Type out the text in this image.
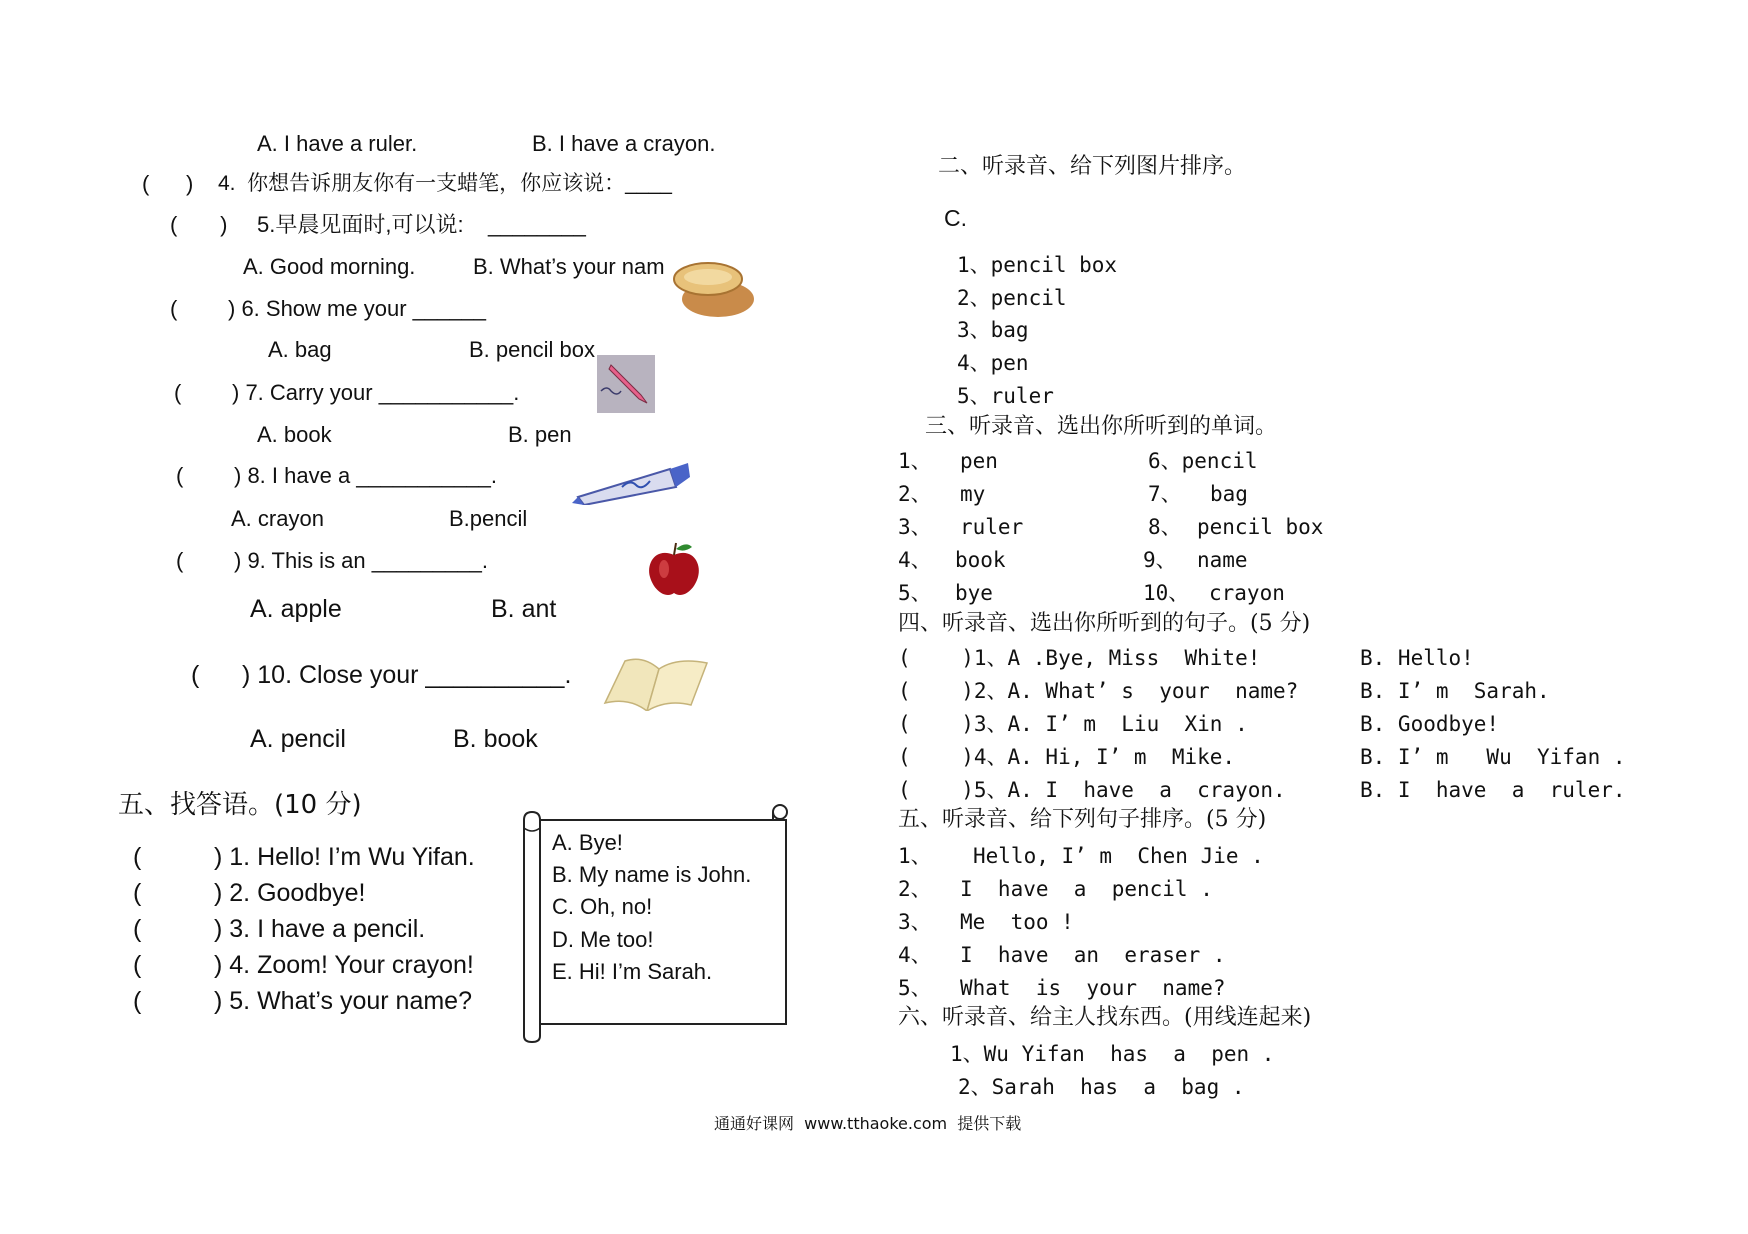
A. I have a ruler.	B. I have a crayon.
(      ) 4.  你想告诉朋友你有一支蜡笔，你应该说：____
(       ) 5.早晨见面时,可以说:    ________
A. Good morning.	B. What’s your nam
( ) 6. Show me your ______
A. bag	B. pencil box
( ) 7. Carry your ___________.
A. book	B. pen
( ) 8. I have a ___________.
A. crayon	B.pencil
( ) 9. This is an _________.
A. apple	B. ant
( ) 10. Close your __________.
A. pencil	B. book
五、找答语。(10 分)
(	) 1. Hello! I’m Wu Yifan.
(	) 2. Goodbye!
(	) 3. I have a pencil.
(	) 4. Zoom! Your crayon!
(	) 5. What’s your name?
A. Bye!
B. My name is John.
C. Oh, no!
D. Me too!
E. Hi! I’m Sarah.
二、听录音、给下列图片排序。
C.
1、pencil box
2、pencil
3、bag
4、pen
5、ruler
三、听录音、选出你所听到的单词。
1、 pen	6、pencil
2、 my	7、 bag
3、 ruler	8、 pencil box
4、 book	9、 name
5、 bye	10、 crayon
四、听录音、选出你所听到的句子。(5 分)
(    )1、A .Bye, Miss  White!	B. Hello!
(    )2、A. What’ s  your  name?	B. I’ m  Sarah.
(    )3、A. I’ m  Liu  Xin .	B. Goodbye!
(    )4、A. Hi, I’ m  Mike.	B. I’ m   Wu  Yifan .
(    )5、A. I  have  a  crayon.	B. I  have  a  ruler.
五、听录音、给下列句子排序。(5 分)
1、 Hello, I’ m  Chen Jie .
2、 I  have  a  pencil .
3、 Me  too !
4、 I  have  an  eraser .
5、 What  is  your  name?
六、听录音、给主人找东西。(用线连起来)
1、Wu Yifan  has  a  pen .
2、Sarah  has  a  bag .
通通好课网  www.tthaoke.com  提供下载
